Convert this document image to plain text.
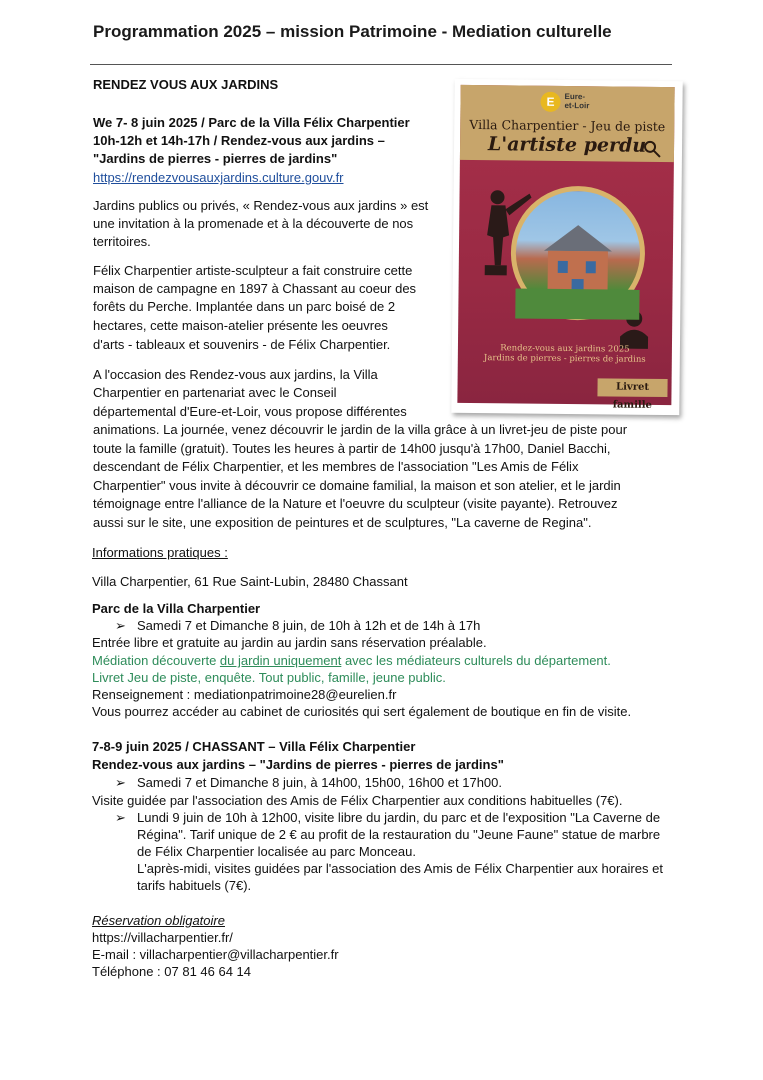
Programmation 2025 – mission Patrimoine - Mediation culturelle
RENDEZ VOUS AUX JARDINS
We 7- 8 juin 2025 / Parc de la Villa Félix Charpentier
10h-12h et 14h-17h / Rendez-vous aux jardins –
"Jardins de pierres - pierres de jardins"
https://rendezvousauxjardins.culture.gouv.fr
Jardins publics ou privés, « Rendez-vous aux jardins » est
une invitation à la promenade et à la découverte de nos
territoires.
Félix Charpentier artiste-sculpteur a fait construire cette
maison de campagne en 1897 à Chassant au coeur des
forêts du Perche. Implantée dans un parc boisé de 2
hectares, cette maison-atelier présente les oeuvres
d'arts - tableaux et souvenirs - de Félix Charpentier.
A l'occasion des Rendez-vous aux jardins, la Villa
Charpentier en partenariat avec le Conseil
départemental d'Eure-et-Loir, vous propose différentes
animations. La journée, venez découvrir le jardin de la villa grâce à un livret-jeu de piste pour
toute la famille (gratuit). Toutes les heures à partir de 14h00 jusqu'à 17h00, Daniel Bacchi,
descendant de Félix Charpentier, et les membres de l'association "Les Amis de Félix
Charpentier" vous invite à découvrir ce domaine familial, la maison et son atelier, et le jardin
témoignage entre l'alliance de la Nature et l'oeuvre du sculpteur (visite payante). Retrouvez
aussi sur le site, une exposition de peintures et de sculptures, "La caverne de Regina".
E	Eure-
et-Loir
Villa Charpentier - Jeu de piste
L'artiste perdu
Rendez-vous aux jardins 2025
Jardins de pierres - pierres de jardins
Livret famille
Informations pratiques :
Villa Charpentier, 61 Rue Saint-Lubin, 28480 Chassant
Parc de la Villa Charpentier
➢ Samedi 7 et Dimanche 8 juin, de 10h à 12h et de 14h à 17h
Entrée libre et gratuite au jardin au jardin sans réservation préalable.
Médiation découverte du jardin uniquement avec les médiateurs culturels du département.
Livret Jeu de piste, enquête. Tout public, famille, jeune public.
Renseignement : mediationpatrimoine28@eurelien.fr
Vous pourrez accéder au cabinet de curiosités qui sert également de boutique en fin de visite.
7-8-9 juin 2025 / CHASSANT – Villa Félix Charpentier
Rendez-vous aux jardins – "Jardins de pierres - pierres de jardins"
➢ Samedi 7 et Dimanche 8 juin, à 14h00, 15h00, 16h00 et 17h00.
Visite guidée par l'association des Amis de Félix Charpentier aux conditions habituelles (7€).
➢ Lundi 9 juin de 10h à 12h00, visite libre du jardin, du parc et de l'exposition "La Caverne de
Régina". Tarif unique de 2 € au profit de la restauration du "Jeune Faune" statue de marbre
de Félix Charpentier localisée au parc Monceau.
L'après-midi, visites guidées par l'association des Amis de Félix Charpentier aux horaires et
tarifs habituels (7€).
Réservation obligatoire
https://villacharpentier.fr/
E-mail : villacharpentier@villacharpentier.fr
Téléphone : 07 81 46 64 14
